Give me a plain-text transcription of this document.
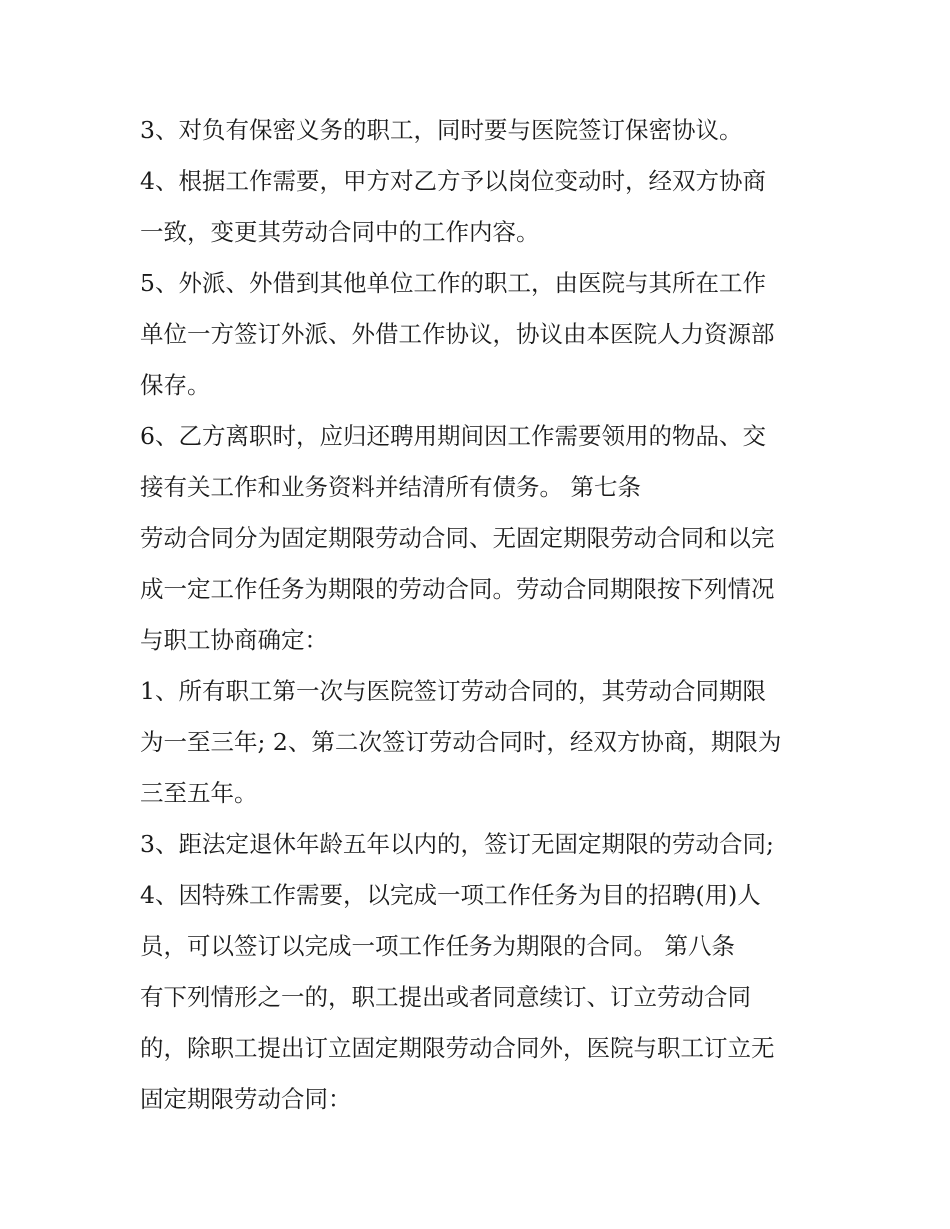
3、对负有保密义务的职工，同时要与医院签订保密协议。
4、根据工作需要，甲方对乙方予以岗位变动时，经双方协商
一致，变更其劳动合同中的工作内容。
5、外派、外借到其他单位工作的职工，由医院与其所在工作
单位一方签订外派、外借工作协议，协议由本医院人力资源部
保存。
6、乙方离职时，应归还聘用期间因工作需要领用的物品、交
接有关工作和业务资料并结清所有债务。 第七条
劳动合同分为固定期限劳动合同、无固定期限劳动合同和以完
成一定工作任务为期限的劳动合同。劳动合同期限按下列情况
与职工协商确定：
1、所有职工第一次与医院签订劳动合同的，其劳动合同期限
为一至三年; 2、第二次签订劳动合同时，经双方协商，期限为
三至五年。
3、距法定退休年龄五年以内的，签订无固定期限的劳动合同;
4、因特殊工作需要，以完成一项工作任务为目的招聘(用)人
员，可以签订以完成一项工作任务为期限的合同。 第八条
有下列情形之一的，职工提出或者同意续订、订立劳动合同
的，除职工提出订立固定期限劳动合同外，医院与职工订立无
固定期限劳动合同：
